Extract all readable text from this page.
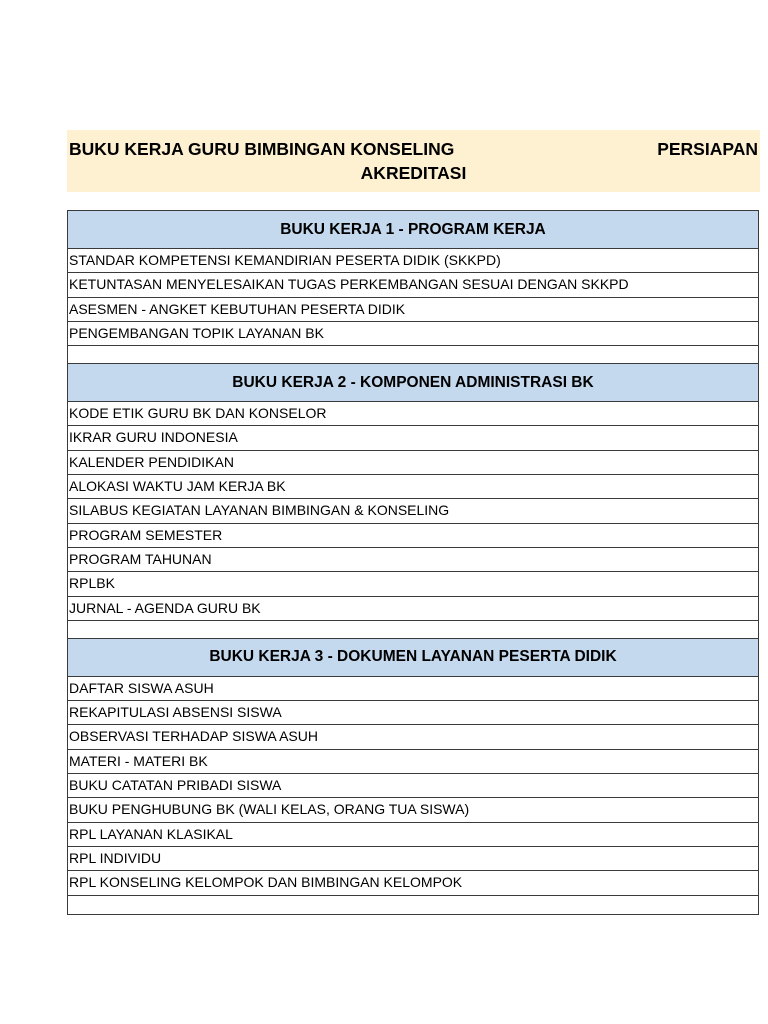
BUKU KERJA GURU BIMBINGAN KONSELING	PERSIAPAN
AKREDITASI
BUKU KERJA 1 - PROGRAM KERJA
STANDAR KOMPETENSI KEMANDIRIAN PESERTA DIDIK (SKKPD)
KETUNTASAN MENYELESAIKAN TUGAS PERKEMBANGAN SESUAI DENGAN SKKPD
ASESMEN - ANGKET KEBUTUHAN PESERTA DIDIK
PENGEMBANGAN TOPIK LAYANAN BK
BUKU KERJA 2 - KOMPONEN ADMINISTRASI BK
KODE ETIK GURU BK DAN KONSELOR
IKRAR GURU INDONESIA
KALENDER PENDIDIKAN
ALOKASI WAKTU JAM KERJA BK
SILABUS KEGIATAN LAYANAN BIMBINGAN & KONSELING
PROGRAM SEMESTER
PROGRAM TAHUNAN
RPLBK
JURNAL - AGENDA GURU BK
BUKU KERJA 3 - DOKUMEN LAYANAN PESERTA DIDIK
DAFTAR SISWA ASUH
REKAPITULASI ABSENSI SISWA
OBSERVASI TERHADAP SISWA ASUH
MATERI - MATERI BK
BUKU CATATAN PRIBADI SISWA
BUKU PENGHUBUNG BK (WALI KELAS, ORANG TUA SISWA)
RPL LAYANAN KLASIKAL
RPL INDIVIDU
RPL KONSELING KELOMPOK DAN BIMBINGAN KELOMPOK
